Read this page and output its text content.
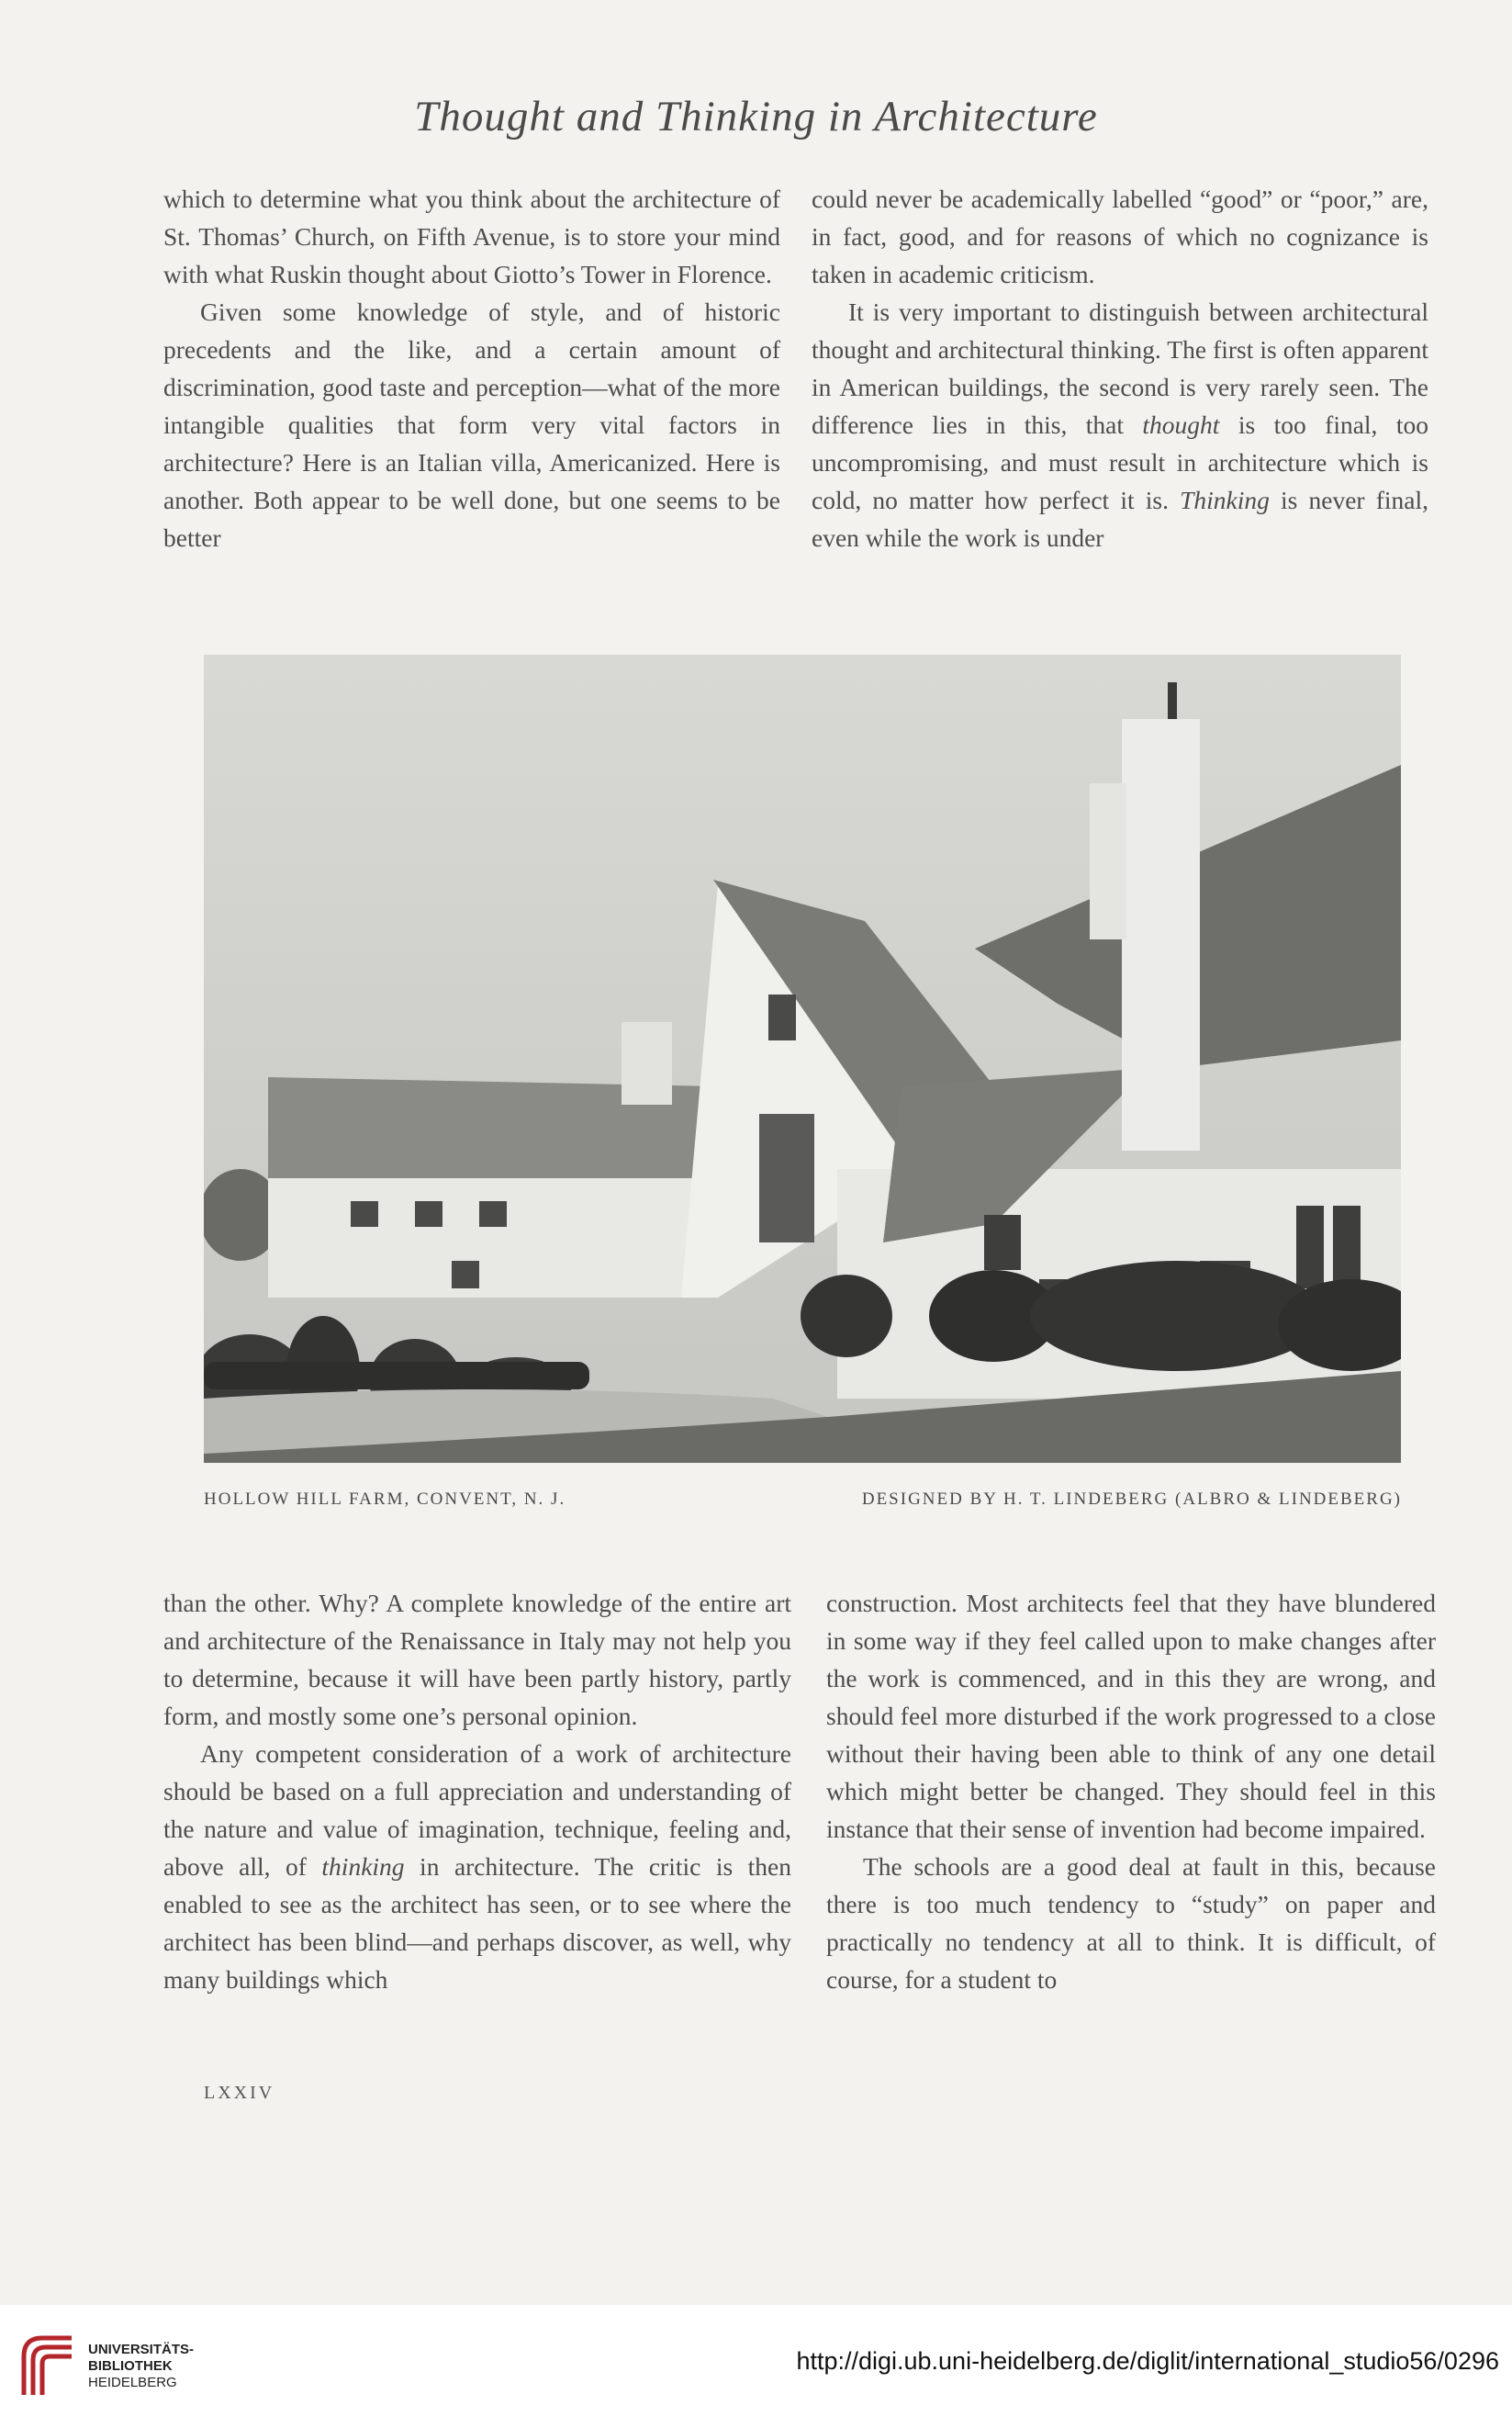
Thought and Thinking in Architecture

which to determine what you think about the architecture of St. Thomas’ Church, on Fifth Avenue, is to store your mind with what Ruskin thought about Giotto’s Tower in Florence.

Given some knowledge of style, and of historic precedents and the like, and a certain amount of discrimination, good taste and perception—what of the more intangible qualities that form very vital factors in architecture? Here is an Italian villa, Americanized. Here is another. Both appear to be well done, but one seems to be better

could never be academically labelled “good” or “poor,” are, in fact, good, and for reasons of which no cognizance is taken in academic criticism.

It is very important to distinguish between architectural thought and architectural thinking. The first is often apparent in American buildings, the second is very rarely seen. The difference lies in this, that thought is too final, too uncompromising, and must result in architecture which is cold, no matter how perfect it is. Thinking is never final, even while the work is under

HOLLOW HILL FARM, CONVENT, N. J.	DESIGNED BY H. T. LINDEBERG (ALBRO & LINDEBERG)

than the other. Why? A complete knowledge of the entire art and architecture of the Renaissance in Italy may not help you to determine, because it will have been partly history, partly form, and mostly some one’s personal opinion.

Any competent consideration of a work of architecture should be based on a full appreciation and understanding of the nature and value of imagination, technique, feeling and, above all, of thinking in architecture. The critic is then enabled to see as the architect has seen, or to see where the architect has been blind—and perhaps discover, as well, why many buildings which

construction. Most architects feel that they have blundered in some way if they feel called upon to make changes after the work is commenced, and in this they are wrong, and should feel more disturbed if the work progressed to a close without their having been able to think of any one detail which might better be changed. They should feel in this instance that their sense of invention had become impaired.

The schools are a good deal at fault in this, because there is too much tendency to “study” on paper and practically no tendency at all to think. It is difficult, of course, for a student to

LXXIV
UNIVERSITÄTS-
BIBLIOTHEK
HEIDELBERG
http://digi.ub.uni-heidelberg.de/diglit/international_studio56/0296
